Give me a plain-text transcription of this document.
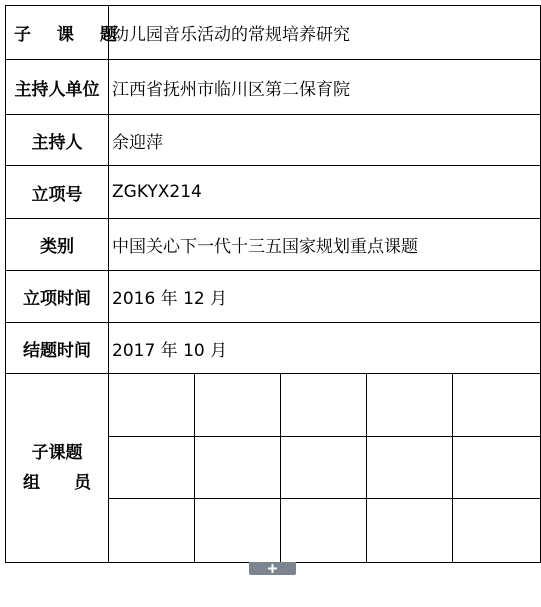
子 课 题	幼儿园音乐活动的常规培养研究				
主持人单位	江西省抚州市临川区第二保育院				
主持人	余迎萍				
立项号	ZGKYX214				
类别	中国关心下一代十三五国家规划重点课题				
立项时间	2016 年 12 月				
结题时间	2017 年 10 月				

子课题
组 员					
